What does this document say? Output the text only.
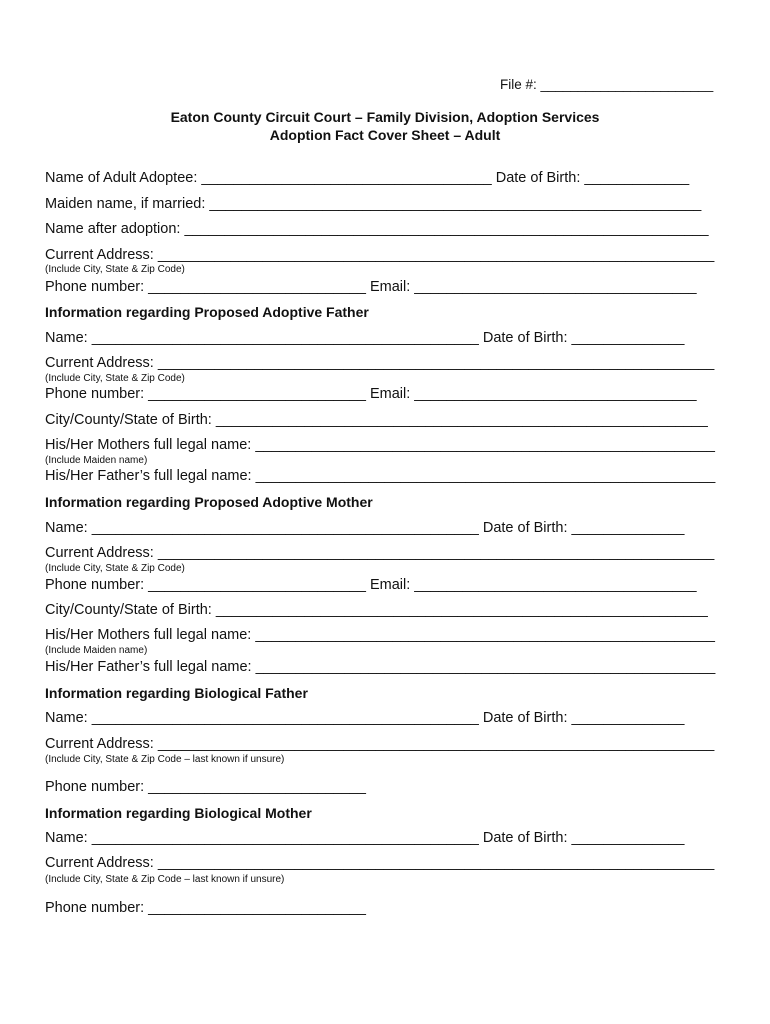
File #: _______________________
Eaton County Circuit Court – Family Division, Adoption Services
Adoption Fact Cover Sheet – Adult
Name of Adult Adoptee: ____________________________________ Date of Birth: _____________
Maiden name, if married: _____________________________________________________________
Name after adoption: _________________________________________________________________
Current Address: _____________________________________________________________________
(Include City, State & Zip Code)
Phone number: ___________________________ Email: ___________________________________
Information regarding Proposed Adoptive Father
Name: ________________________________________________ Date of Birth: ______________
Current Address: _____________________________________________________________________
(Include City, State & Zip Code)
Phone number: ___________________________ Email: ___________________________________
City/County/State of Birth: _____________________________________________________________
His/Her Mothers full legal name: _________________________________________________________
(Include Maiden name)
His/Her Father’s full legal name: _________________________________________________________
Information regarding Proposed Adoptive Mother
Name: ________________________________________________ Date of Birth: ______________
Current Address: _____________________________________________________________________
(Include City, State & Zip Code)
Phone number: ___________________________ Email: ___________________________________
City/County/State of Birth: _____________________________________________________________
His/Her Mothers full legal name: _________________________________________________________
(Include Maiden name)
His/Her Father’s full legal name: _________________________________________________________
Information regarding Biological Father
Name: ________________________________________________ Date of Birth: ______________
Current Address: _____________________________________________________________________
(Include City, State & Zip Code – last known if unsure)
Phone number: ___________________________
Information regarding Biological Mother
Name: ________________________________________________ Date of Birth: ______________
Current Address: _____________________________________________________________________
(Include City, State & Zip Code – last known if unsure)
Phone number: ___________________________
